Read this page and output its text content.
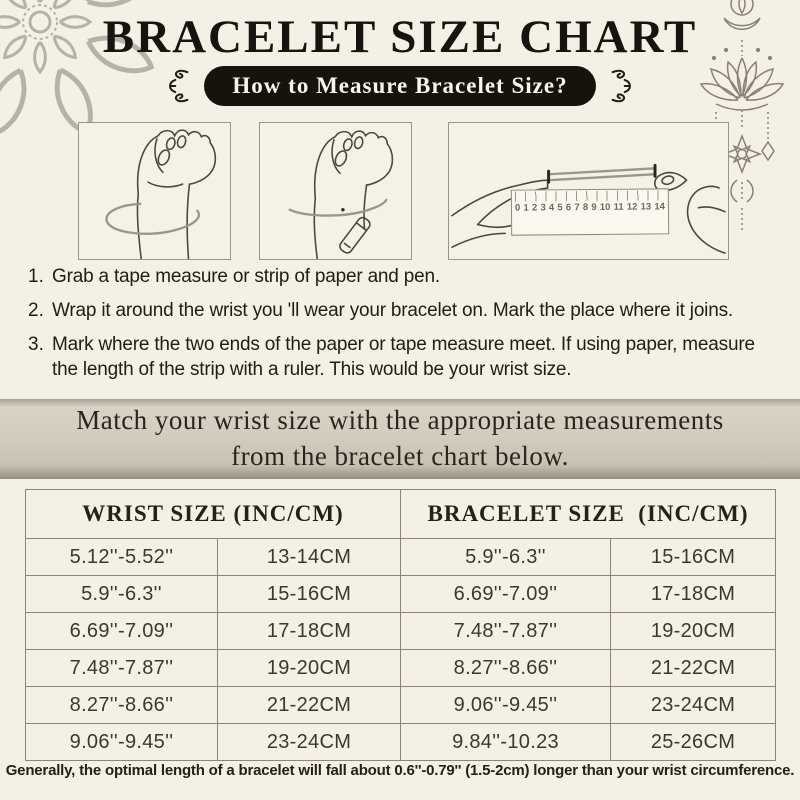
BRACELET SIZE CHART
How to Measure Bracelet Size?
0 1 2 3 4 5 6 7 8 9 10 11 12 13 14
1. Grab a tape measure or strip of paper and pen.
2. Wrap it around the wrist you 'll wear your bracelet on. Mark the place where it joins.
3. Mark where the two ends of the paper or tape measure meet. If using paper, measure the length of the strip with a ruler. This would be your wrist size.
Match your wrist size with the appropriate measurements
from the bracelet chart below.
WRIST SIZE (INC/CM)		BRACELET SIZE  (INC/CM)	
5.12''-5.52''	13-14CM	5.9''-6.3''	15-16CM
5.9''-6.3''	15-16CM	6.69''-7.09''	17-18CM
6.69''-7.09''	17-18CM	7.48''-7.87''	19-20CM
7.48''-7.87''	19-20CM	8.27''-8.66''	21-22CM
8.27''-8.66''	21-22CM	9.06''-9.45''	23-24CM
9.06''-9.45''	23-24CM	9.84''-10.23	25-26CM
Generally, the optimal length of a bracelet will fall about 0.6''-0.79'' (1.5-2cm) longer than your wrist circumference.
